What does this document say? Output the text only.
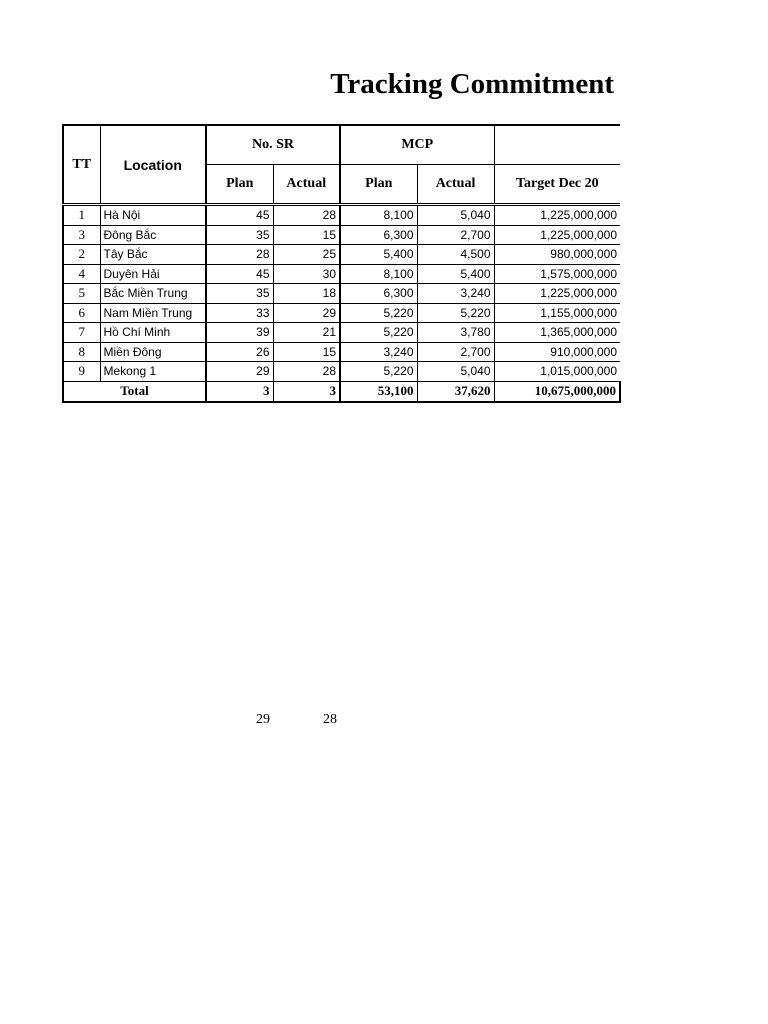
Tracking Commitment
TT	Location	No. SR		MCP		
		Plan	Actual	Plan	Actual	Target Dec 20
1	Hà Nội	45	28	8,100	5,040	1,225,000,000
3	Đông Bắc	35	15	6,300	2,700	1,225,000,000
2	Tây Bắc	28	25	5,400	4,500	980,000,000
4	Duyên Hải	45	30	8,100	5,400	1,575,000,000
5	Bắc Miền Trung	35	18	6,300	3,240	1,225,000,000
6	Nam Miền Trung	33	29	5,220	5,220	1,155,000,000
7	Hồ Chí Minh	39	21	5,220	3,780	1,365,000,000
8	Miền Đông	26	15	3,240	2,700	910,000,000
9	Mekong 1	29	28	5,220	5,040	1,015,000,000
Total		3	3	53,100	37,620	10,675,000,000
29	28
